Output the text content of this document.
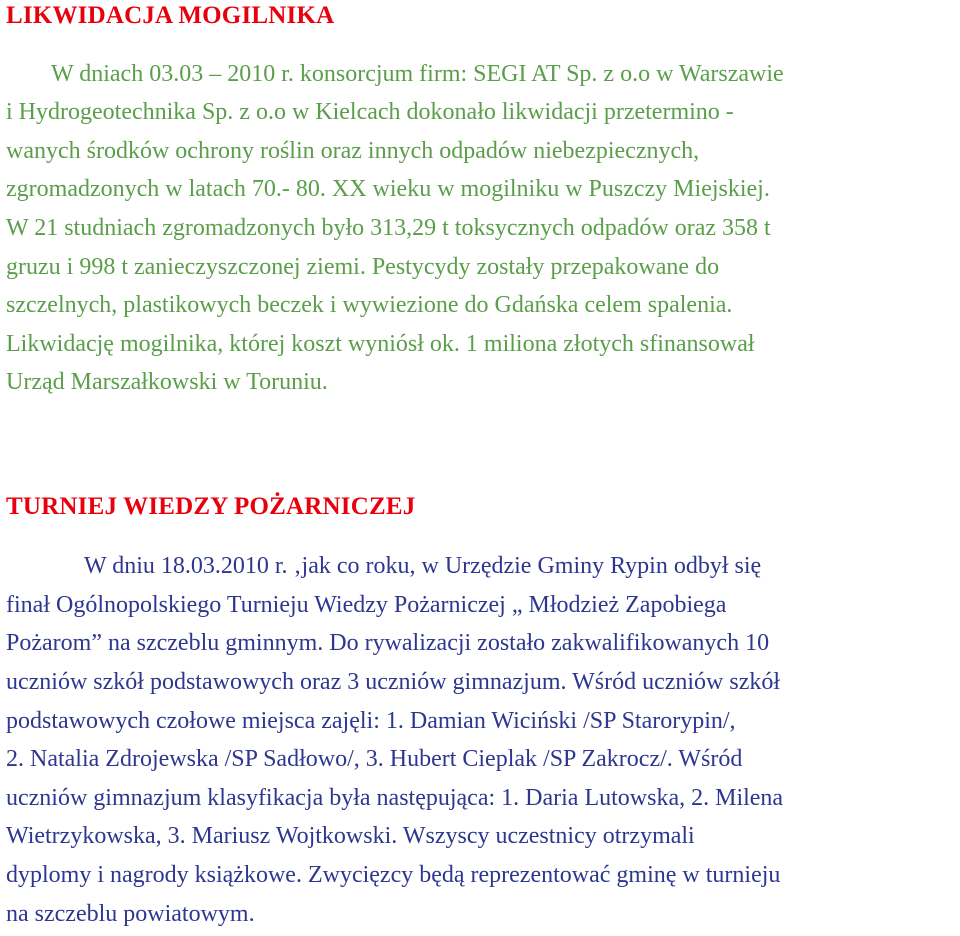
LIKWIDACJA MOGILNIKA

W dniach 03.03 – 2010 r. konsorcjum firm: SEGI AT Sp. z o.o w Warszawie

i Hydrogeotechnika Sp. z o.o w Kielcach dokonało likwidacji przetermino -

wanych środków ochrony roślin oraz innych odpadów niebezpiecznych,

zgromadzonych w latach 70.- 80. XX wieku w mogilniku w Puszczy Miejskiej.

W 21 studniach zgromadzonych było 313,29 t toksycznych odpadów oraz 358 t

gruzu i 998 t zanieczyszczonej ziemi. Pestycydy zostały przepakowane do

szczelnych, plastikowych beczek i wywiezione do Gdańska celem spalenia.

Likwidację mogilnika, której koszt wyniósł ok. 1 miliona złotych sfinansował

Urząd Marszałkowski w Toruniu.

TURNIEJ WIEDZY POŻARNICZEJ

W dniu 18.03.2010 r. ‚jak co roku, w Urzędzie Gminy Rypin odbył się

finał Ogólnopolskiego Turnieju Wiedzy Pożarniczej „ Młodzież Zapobiega

Pożarom” na szczeblu gminnym. Do rywalizacji zostało zakwalifikowanych 10

uczniów szkół podstawowych oraz 3 uczniów gimnazjum. Wśród uczniów szkół

podstawowych czołowe miejsca zajęli: 1. Damian Wiciński /SP Starorypin/,

2. Natalia Zdrojewska /SP Sadłowo/, 3. Hubert Cieplak /SP Zakrocz/. Wśród

uczniów gimnazjum klasyfikacja była następująca: 1. Daria Lutowska, 2. Milena

Wietrzykowska, 3. Mariusz Wojtkowski. Wszyscy uczestnicy otrzymali

dyplomy i nagrody książkowe. Zwycięzcy będą reprezentować gminę w turnieju

na szczeblu powiatowym.
